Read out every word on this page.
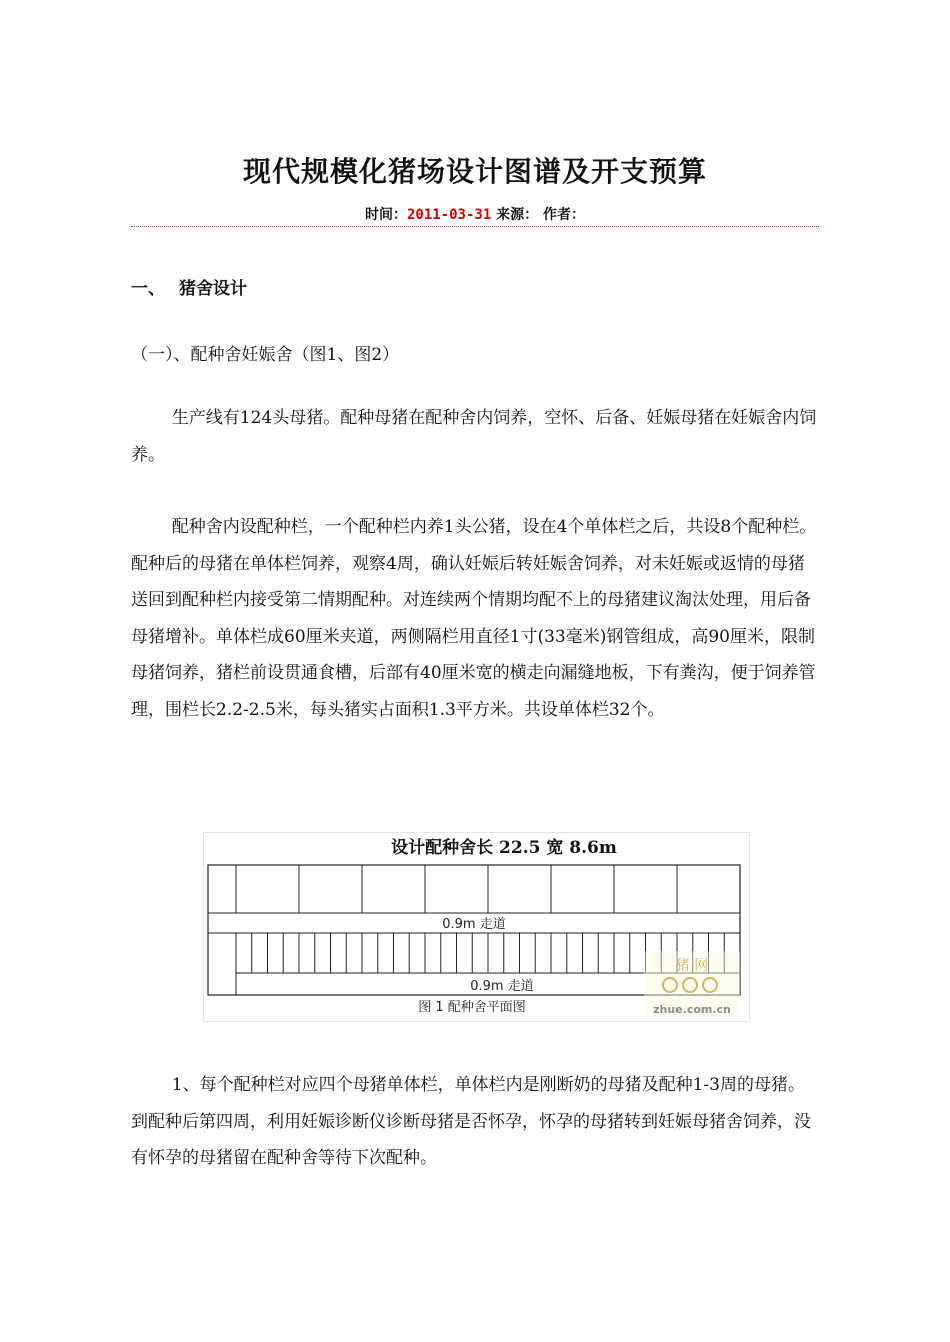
现代规模化猪场设计图谱及开支预算
时间：2011-03-31 来源： 作者：
一、 猪舍设计
（一）、配种舍妊娠舍（图1、图2）

生产线有124头母猪。配种母猪在配种舍内饲养，空怀、后备、妊娠母猪在妊娠舍内饲养。

配种舍内设配种栏，一个配种栏内养1头公猪，设在4个单体栏之后，共设8个配种栏。配种后的母猪在单体栏饲养，观察4周，确认妊娠后转妊娠舍饲养，对未妊娠或返情的母猪送回到配种栏内接受第二情期配种。对连续两个情期均配不上的母猪建议淘汰处理，用后备母猪增补。单体栏成60厘米夹道，两侧隔栏用直径1寸(33毫米)钢管组成，高90厘米，限制母猪饲养，猪栏前设贯通食槽，后部有40厘米宽的横走向漏缝地板，下有粪沟，便于饲养管理，围栏长2.2-2.5米，每头猪实占面积1.3平方米。共设单体栏32个。

设计配种舍长 22.5 宽 8.6m
0.9m 走道
0.9m 走道
图 1 配种舍平面图
猪 网
zhue.com.cn

1、每个配种栏对应四个母猪单体栏，单体栏内是刚断奶的母猪及配种1-3周的母猪。到配种后第四周，利用妊娠诊断仪诊断母猪是否怀孕，怀孕的母猪转到妊娠母猪舍饲养，没有怀孕的母猪留在配种舍等待下次配种。
